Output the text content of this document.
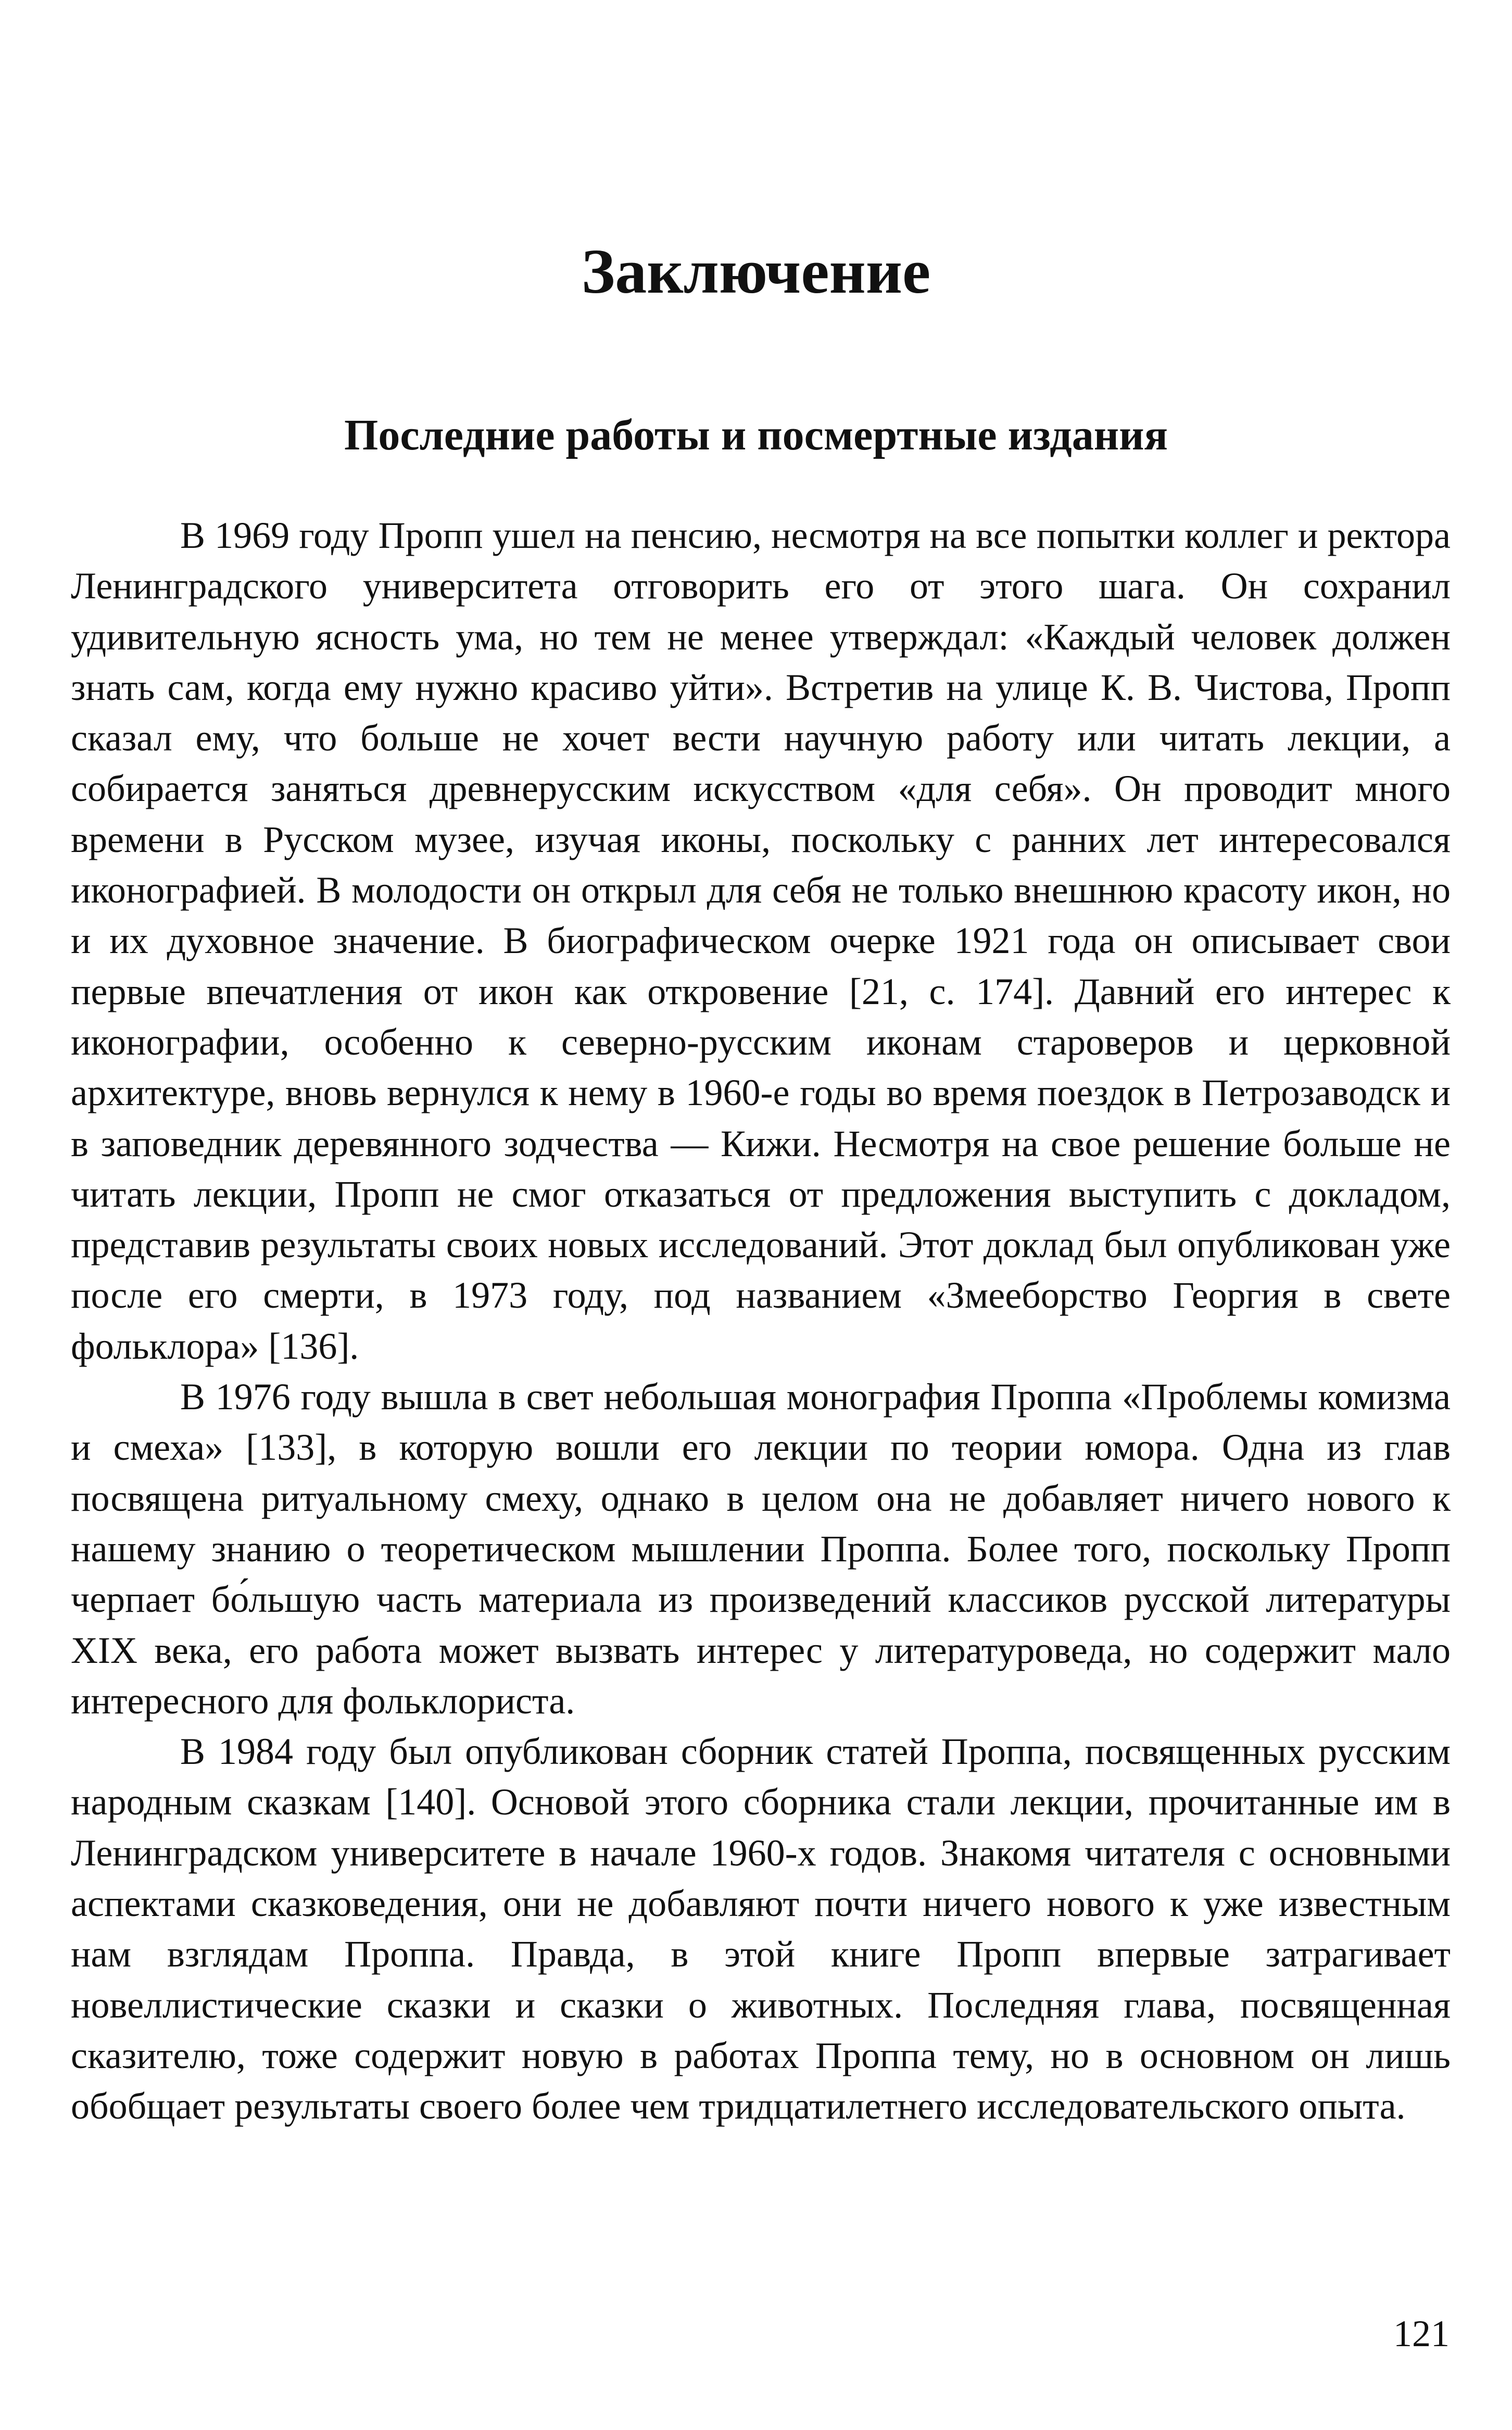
Заключение
Последние работы и посмертные издания

В 1969 году Пропп ушел на пенсию, несмотря на все попытки коллег и ректора Ленинградского университета отговорить его от этого шага. Он сохранил удивительную ясность ума, но тем не менее утверждал: «Каждый человек должен знать сам, когда ему нужно красиво уйти». Встретив на улице К. В. Чистова, Пропп сказал ему, что больше не хочет вести научную работу или читать лекции, а собирается заняться древнерусским искусством «для себя». Он проводит много времени в Русском музее, изучая иконы, поскольку с ранних лет интересовался иконографией. В молодости он открыл для себя не только внешнюю красоту икон, но и их духовное значение. В биографическом очерке 1921 года он описывает свои первые впечатления от икон как откровение [21, с. 174]. Давний его интерес к иконографии, особенно к северно-русским иконам староверов и церковной архитектуре, вновь вернулся к нему в 1960-е годы во время поездок в Петрозаводск и в заповедник деревянного зодчества — Кижи. Несмотря на свое решение больше не читать лекции, Пропп не смог отказаться от предложения выступить с докладом, представив результаты своих новых исследований. Этот доклад был опубликован уже после его смерти, в 1973 году, под названием «Змееборство Георгия в свете фольклора» [136].

В 1976 году вышла в свет небольшая монография Проппа «Проблемы комизма и смеха» [133], в которую вошли его лекции по теории юмора. Одна из глав посвящена ритуальному смеху, однако в целом она не добавляет ничего нового к нашему знанию о теоретическом мышлении Проппа. Более того, поскольку Пропп черпает бо́льшую часть материала из произведений классиков русской литературы XIX века, его работа может вызвать интерес у литературоведа, но содержит мало интересного для фольклориста.

В 1984 году был опубликован сборник статей Проппа, посвященных русским народным сказкам [140]. Основой этого сборника стали лекции, прочитанные им в Ленинградском университете в начале 1960-х годов. Знакомя читателя с основными аспектами сказковедения, они не добавляют почти ничего нового к уже известным нам взглядам Проппа. Правда, в этой книге Пропп впервые затрагивает новеллистические сказки и сказки о животных. Последняя глава, посвященная сказителю, тоже содержит новую в работах Проппа тему, но в основном он лишь обобщает результаты своего более чем тридцатилетнего исследовательского опыта.

121
